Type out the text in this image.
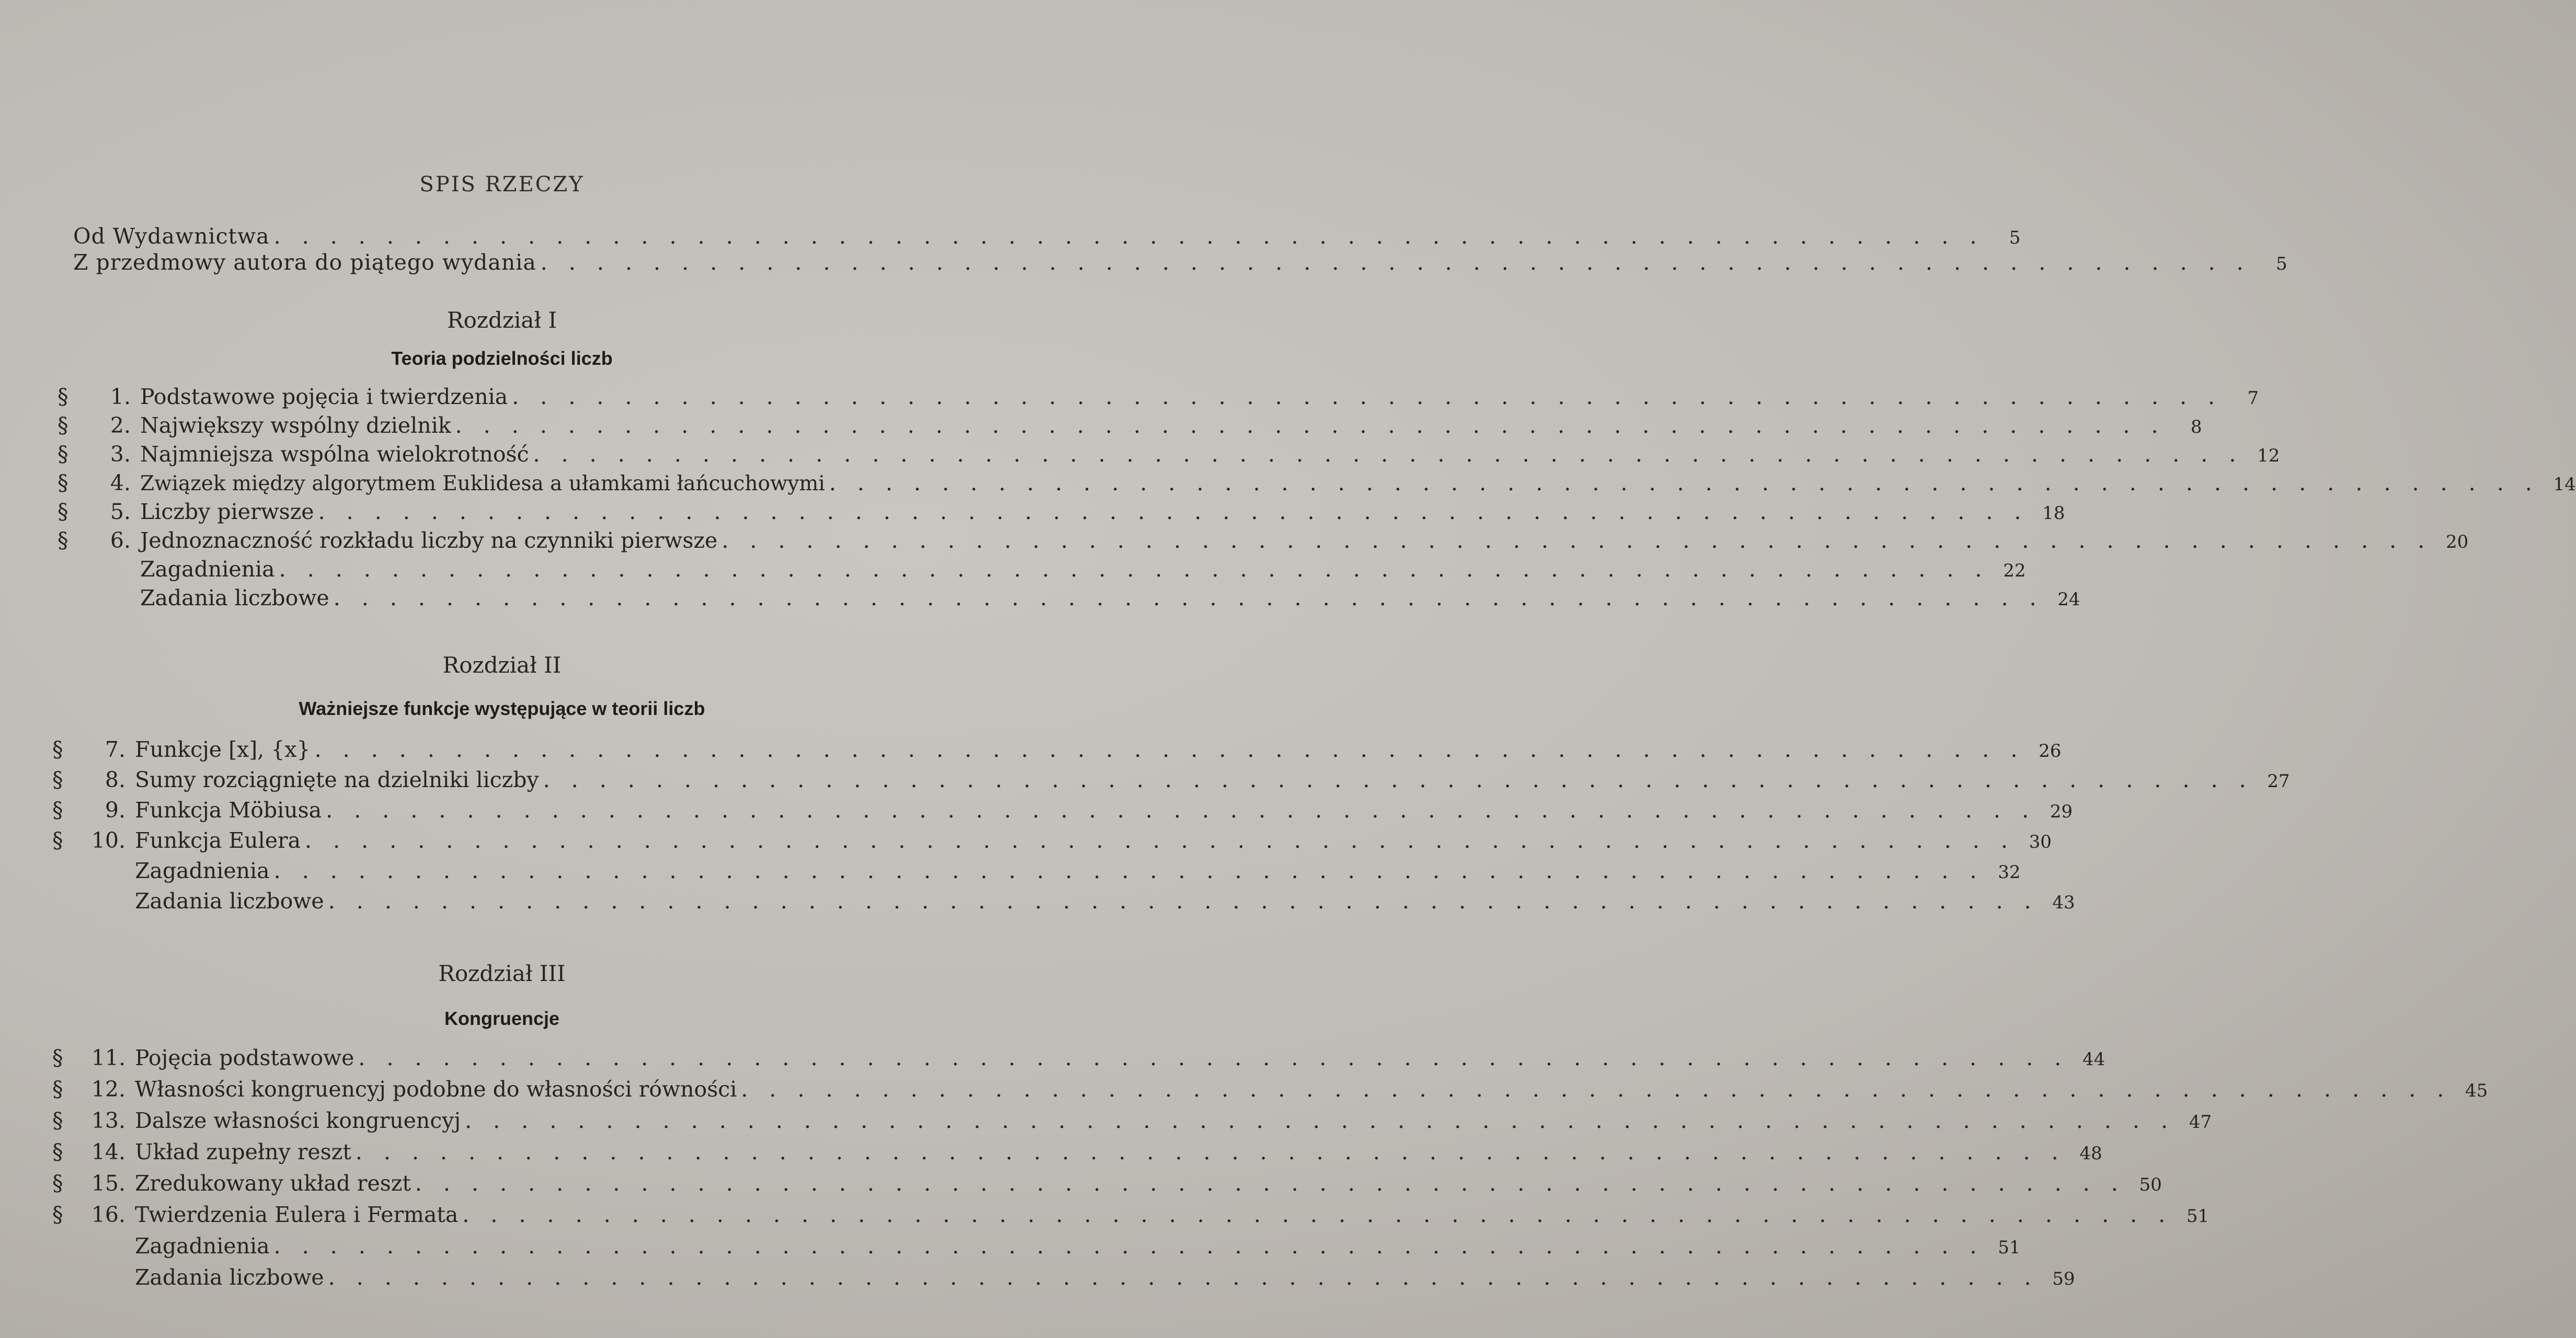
SPIS RZECZY
Od Wydawnictwa . . . . . . . . . . . . . . . . . . . . . . . . . . . . . . . . . . . . . . . . . . . . . . . . . . . . . . . . . . . . .	5
Z przedmowy autora do piątego wydania . . . . . . . . . . . . . . . . . . . . . . . . . . . . . . . . . . . . . . . . . . . . . . . . . . . . . . . . . . . . .	5
Rozdział I
Teoria podzielności liczb
§	1. Podstawowe pojęcia i twierdzenia . . . . . . . . . . . . . . . . . . . . . . . . . . . . . . . . . . . . . . . . . . . . . . . . . . . . . . . . . . . . .	7
§	2. Największy wspólny dzielnik . . . . . . . . . . . . . . . . . . . . . . . . . . . . . . . . . . . . . . . . . . . . . . . . . . . . . . . . . . . . .	8
§	3. Najmniejsza wspólna wielokrotność . . . . . . . . . . . . . . . . . . . . . . . . . . . . . . . . . . . . . . . . . . . . . . . . . . . . . . . . . . . . . 12
§	4. Związek między algorytmem Euklidesa a ułamkami łańcuchowymi . . . . . . . . . . . . . . . . . . . . . . . . . . . . . . . . . . . . . . . . . . . . . . . . . . . . . . . . . . . . . 14
§	5. Liczby pierwsze . . . . . . . . . . . . . . . . . . . . . . . . . . . . . . . . . . . . . . . . . . . . . . . . . . . . . . . . . . . . . 18
§	6. Jednoznaczność rozkładu liczby na czynniki pierwsze . . . . . . . . . . . . . . . . . . . . . . . . . . . . . . . . . . . . . . . . . . . . . . . . . . . . . . . . . . . . . 20
Zagadnienia . . . . . . . . . . . . . . . . . . . . . . . . . . . . . . . . . . . . . . . . . . . . . . . . . . . . . . . . . . . . . 22
Zadania liczbowe . . . . . . . . . . . . . . . . . . . . . . . . . . . . . . . . . . . . . . . . . . . . . . . . . . . . . . . . . . . . . 24
Rozdział II
Ważniejsze funkcje występujące w teorii liczb
§	7. Funkcje [x], {x} . . . . . . . . . . . . . . . . . . . . . . . . . . . . . . . . . . . . . . . . . . . . . . . . . . . . . . . . . . . . . 26
§	8. Sumy rozciągnięte na dzielniki liczby . . . . . . . . . . . . . . . . . . . . . . . . . . . . . . . . . . . . . . . . . . . . . . . . . . . . . . . . . . . . . 27
§	9. Funkcja Möbiusa . . . . . . . . . . . . . . . . . . . . . . . . . . . . . . . . . . . . . . . . . . . . . . . . . . . . . . . . . . . . . 29
§	10. Funkcja Eulera . . . . . . . . . . . . . . . . . . . . . . . . . . . . . . . . . . . . . . . . . . . . . . . . . . . . . . . . . . . . . 30
Zagadnienia . . . . . . . . . . . . . . . . . . . . . . . . . . . . . . . . . . . . . . . . . . . . . . . . . . . . . . . . . . . . . 32
Zadania liczbowe . . . . . . . . . . . . . . . . . . . . . . . . . . . . . . . . . . . . . . . . . . . . . . . . . . . . . . . . . . . . . 43
Rozdział III
Kongruencje
§	11. Pojęcia podstawowe . . . . . . . . . . . . . . . . . . . . . . . . . . . . . . . . . . . . . . . . . . . . . . . . . . . . . . . . . . . . . 44
§	12. Własności kongruencyj podobne do własności równości . . . . . . . . . . . . . . . . . . . . . . . . . . . . . . . . . . . . . . . . . . . . . . . . . . . . . . . . . . . . . 45
§	13. Dalsze własności kongruencyj . . . . . . . . . . . . . . . . . . . . . . . . . . . . . . . . . . . . . . . . . . . . . . . . . . . . . . . . . . . . . 47
§	14. Układ zupełny reszt . . . . . . . . . . . . . . . . . . . . . . . . . . . . . . . . . . . . . . . . . . . . . . . . . . . . . . . . . . . . . 48
§	15. Zredukowany układ reszt . . . . . . . . . . . . . . . . . . . . . . . . . . . . . . . . . . . . . . . . . . . . . . . . . . . . . . . . . . . . . 50
§	16. Twierdzenia Eulera i Fermata . . . . . . . . . . . . . . . . . . . . . . . . . . . . . . . . . . . . . . . . . . . . . . . . . . . . . . . . . . . . . 51
Zagadnienia . . . . . . . . . . . . . . . . . . . . . . . . . . . . . . . . . . . . . . . . . . . . . . . . . . . . . . . . . . . . . 51
Zadania liczbowe . . . . . . . . . . . . . . . . . . . . . . . . . . . . . . . . . . . . . . . . . . . . . . . . . . . . . . . . . . . . . 59
